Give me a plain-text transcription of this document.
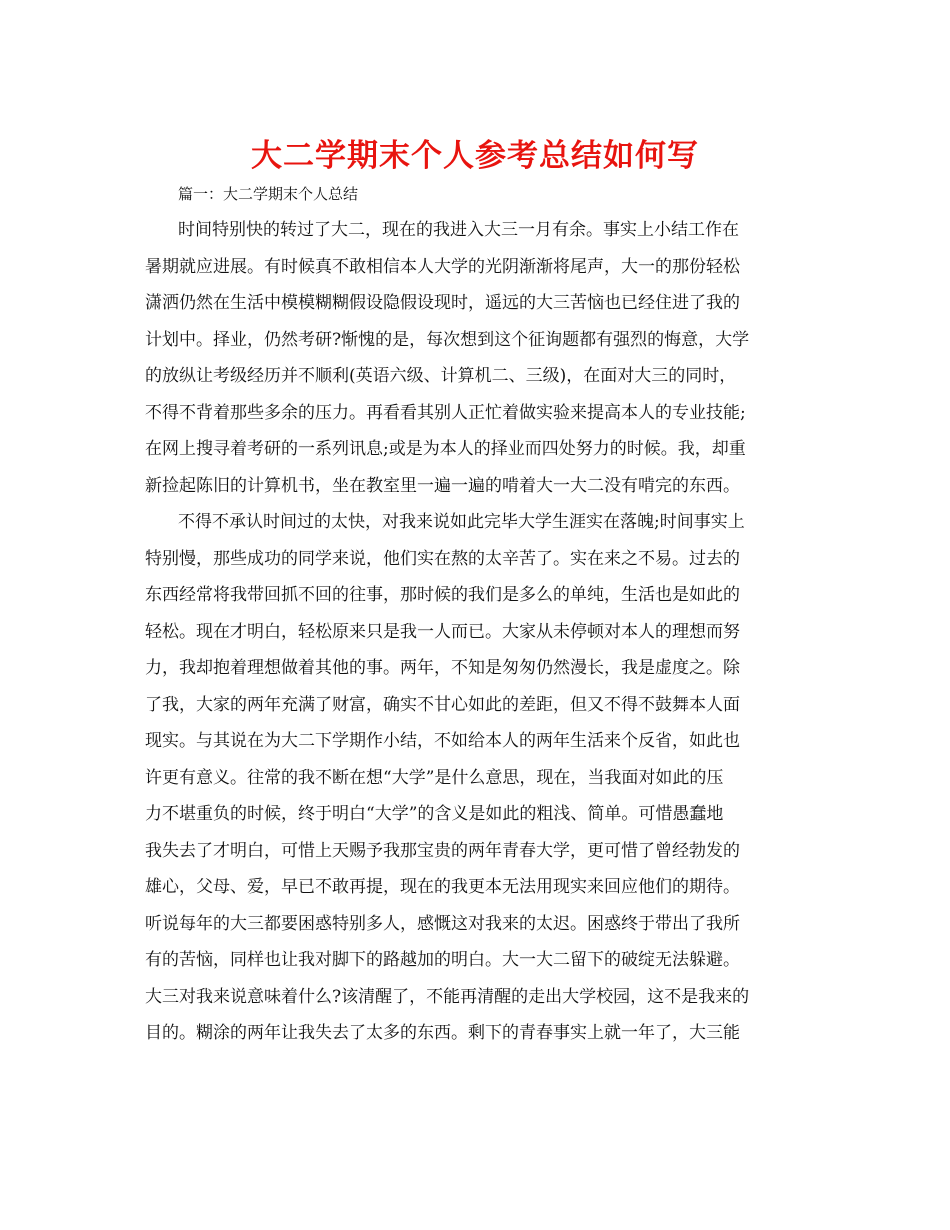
大二学期末个人参考总结如何写
篇一：大二学期末个人总结
时间特别快的转过了大二，现在的我进入大三一月有余。事实上小结工作在
暑期就应进展。有时候真不敢相信本人大学的光阴渐渐将尾声，大一的那份轻松
潇洒仍然在生活中模模糊糊假设隐假设现时，遥远的大三苦恼也已经住进了我的
计划中。择业，仍然考研?惭愧的是，每次想到这个征询题都有强烈的悔意，大学
的放纵让考级经历并不顺利(英语六级、计算机二、三级)，在面对大三的同时，
不得不背着那些多余的压力。再看看其别人正忙着做实验来提高本人的专业技能;
在网上搜寻着考研的一系列讯息;或是为本人的择业而四处努力的时候。我，却重
新捡起陈旧的计算机书，坐在教室里一遍一遍的啃着大一大二没有啃完的东西。
不得不承认时间过的太快，对我来说如此完毕大学生涯实在落魄;时间事实上
特别慢，那些成功的同学来说，他们实在熬的太辛苦了。实在来之不易。过去的
东西经常将我带回抓不回的往事，那时候的我们是多么的单纯，生活也是如此的
轻松。现在才明白，轻松原来只是我一人而已。大家从未停顿对本人的理想而努
力，我却抱着理想做着其他的事。两年，不知是匆匆仍然漫长，我是虚度之。除
了我，大家的两年充满了财富，确实不甘心如此的差距，但又不得不鼓舞本人面
现实。与其说在为大二下学期作小结，不如给本人的两年生活来个反省，如此也
许更有意义。往常的我不断在想“大学”是什么意思，现在，当我面对如此的压
力不堪重负的时候，终于明白“大学”的含义是如此的粗浅、简单。可惜愚蠢地
我失去了才明白，可惜上天赐予我那宝贵的两年青春大学，更可惜了曾经勃发的
雄心，父母、爱，早已不敢再提，现在的我更本无法用现实来回应他们的期待。
听说每年的大三都要困惑特别多人，感慨这对我来的太迟。困惑终于带出了我所
有的苦恼，同样也让我对脚下的路越加的明白。大一大二留下的破绽无法躲避。
大三对我来说意味着什么?该清醒了，不能再清醒的走出大学校园，这不是我来的
目的。糊涂的两年让我失去了太多的东西。剩下的青春事实上就一年了，大三能
